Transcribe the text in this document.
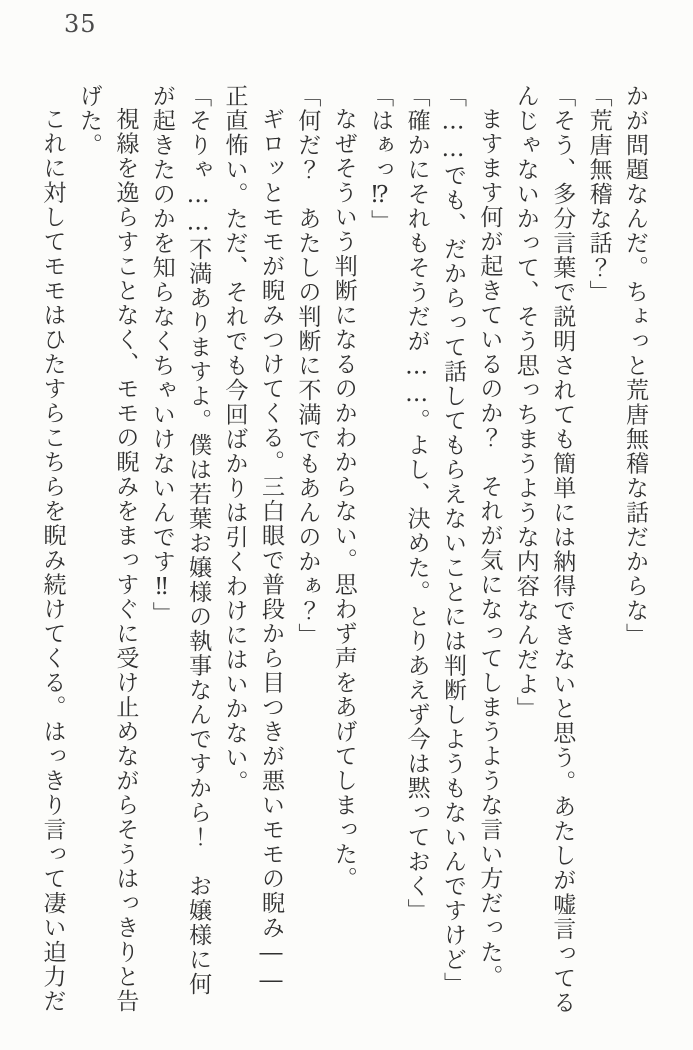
35

かが問題なんだ。ちょっと荒唐無稽な話だからな」

「荒唐無稽な話？」

「そう、多分言葉で説明されても簡単には納得できないと思う。あたしが嘘言ってるんじゃないかって、そう思っちまうような内容なんだよ」

ますます何が起きているのか？　それが気になってしまうような言い方だった。

「……でも、だからって話してもらえないことには判断しようもないんですけど」

「確かにそれもそうだが……。よし、決めた。とりあえず今は黙っておく」

「はぁっ⁉」

なぜそういう判断になるのかわからない。思わず声をあげてしまった。

「何だ？　あたしの判断に不満でもあんのかぁ？」

ギロッとモモが睨みつけてくる。三白眼で普段から目つきが悪いモモの睨み――正直怖い。ただ、それでも今回ばかりは引くわけにはいかない。

「そりゃ……不満ありますよ。僕は若葉お嬢様の執事なんですから！　お嬢様に何が起きたのかを知らなくちゃいけないんです‼」

視線を逸らすことなく、モモの睨みをまっすぐに受け止めながらそうはっきりと告げた。

これに対してモモはひたすらこちらを睨み続けてくる。はっきり言って凄い迫力だ
